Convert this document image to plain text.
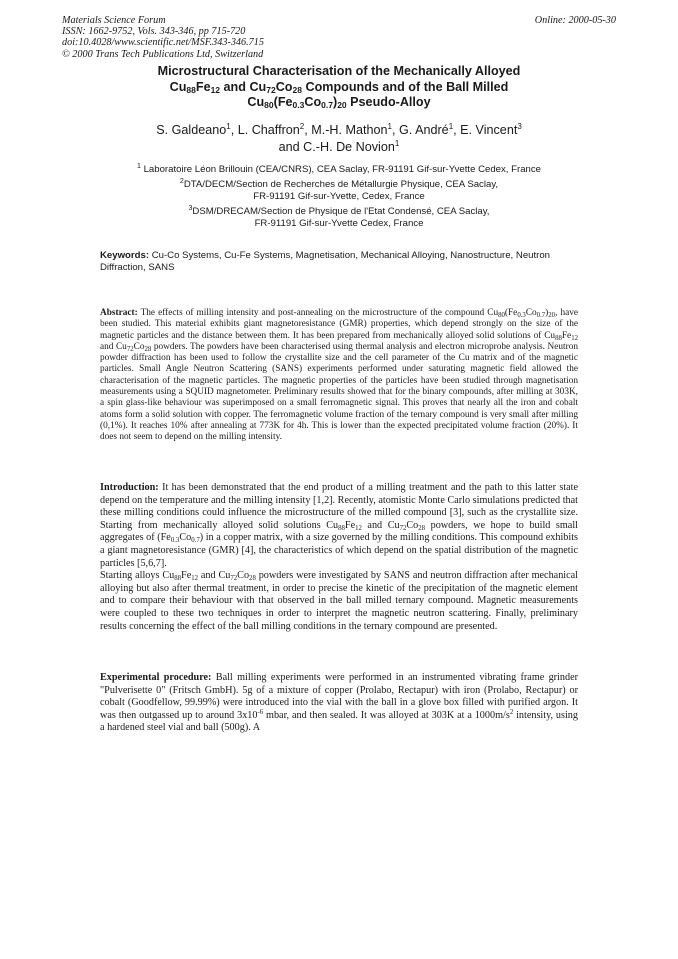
Materials Science Forum
ISSN: 1662-9752, Vols. 343-346, pp 715-720
doi:10.4028/www.scientific.net/MSF.343-346.715
© 2000 Trans Tech Publications Ltd, Switzerland
Online: 2000-05-30
Microstructural Characterisation of the Mechanically Alloyed
$Cu_{88}Fe_{12}$ and $Cu_{72}Co_{28}$ Compounds and of the Ball Milled
$Cu_{80}(Fe_{0.3}Co_{0.7})_{20}$ Pseudo-Alloy
S. Galdeano$^1$, L. Chaffron$^2$, M.-H. Mathon$^1$, G. André$^1$, E. Vincent$^3$
and C.-H. De Novion$^1$
$^1$ Laboratoire Léon Brillouin (CEA/CNRS), CEA Saclay, FR-91191 Gif-sur-Yvette Cedex, France
$^2$DTA/DECM/Section de Recherches de Métallurgie Physique, CEA Saclay,
FR-91191 Gif-sur-Yvette, Cedex, France
$^3$DSM/DRECAM/Section de Physique de l'Etat Condensé, CEA Saclay,
FR-91191 Gif-sur-Yvette Cedex, France
Keywords: Cu-Co Systems, Cu-Fe Systems, Magnetisation, Mechanical Alloying, Nanostructure, Neutron Diffraction, SANS

Abstract: The effects of milling intensity and post-annealing on the microstructure of the compound $Cu_{80}(Fe_{0.3}Co_{0.7})_{20}$, have been studied. This material exhibits giant magnetoresistance (GMR) properties, which depend strongly on the size of the magnetic particles and the distance between them. It has been prepared from mechanically alloyed solid solutions of $Cu_{88}Fe_{12}$ and $Cu_{72}Co_{28}$ powders. The powders have been characterised using thermal analysis and electron microprobe analysis. Neutron powder diffraction has been used to follow the crystallite size and the cell parameter of the Cu matrix and of the magnetic particles. Small Angle Neutron Scattering (SANS) experiments performed under saturating magnetic field allowed the characterisation of the magnetic particles. The magnetic properties of the particles have been studied through magnetisation measurements using a SQUID magnetometer. Preliminary results showed that for the binary compounds, after milling at 303K, a spin glass-like behaviour was superimposed on a small ferromagnetic signal. This proves that nearly all the iron and cobalt atoms form a solid solution with copper. The ferromagnetic volume fraction of the ternary compound is very small after milling (0,1%). It reaches 10% after annealing at 773K for 4h. This is lower than the expected precipitated volume fraction (20%). It does not seem to depend on the milling intensity.

Introduction: It has been demonstrated that the end product of a milling treatment and the path to this latter state depend on the temperature and the milling intensity [1,2]. Recently, atomistic Monte Carlo simulations predicted that these milling conditions could influence the microstructure of the milled compound [3], such as the crystallite size. Starting from mechanically alloyed solid solutions $Cu_{88}Fe_{12}$ and $Cu_{72}Co_{28}$ powders, we hope to build small aggregates of $(Fe_{0.3}Co_{0.7})$ in a copper matrix, with a size governed by the milling conditions. This compound exhibits a giant magnetoresistance (GMR) [4], the characteristics of which depend on the spatial distribution of the magnetic particles [5,6,7].

Starting alloys $Cu_{88}Fe_{12}$ and $Cu_{72}Co_{28}$ powders were investigated by SANS and neutron diffraction after mechanical alloying but also after thermal treatment, in order to precise the kinetic of the precipitation of the magnetic element and to compare their behaviour with that observed in the ball milled ternary compound. Magnetic measurements were coupled to these two techniques in order to interpret the magnetic neutron scattering. Finally, preliminary results concerning the effect of the ball milling conditions in the ternary compound are presented.

Experimental procedure: Ball milling experiments were performed in an instrumented vibrating frame grinder "Pulverisette 0" (Fritsch GmbH). 5g of a mixture of copper (Prolabo, Rectapur) with iron (Prolabo, Rectapur) or cobalt (Goodfellow, 99.99%) were introduced into the vial with the ball in a glove box filled with purified argon. It was then outgassed up to around $3x10^{-6}$ mbar, and then sealed. It was alloyed at 303K at a $1000m/s^2$ intensity, using a hardened steel vial and ball (500g). A
